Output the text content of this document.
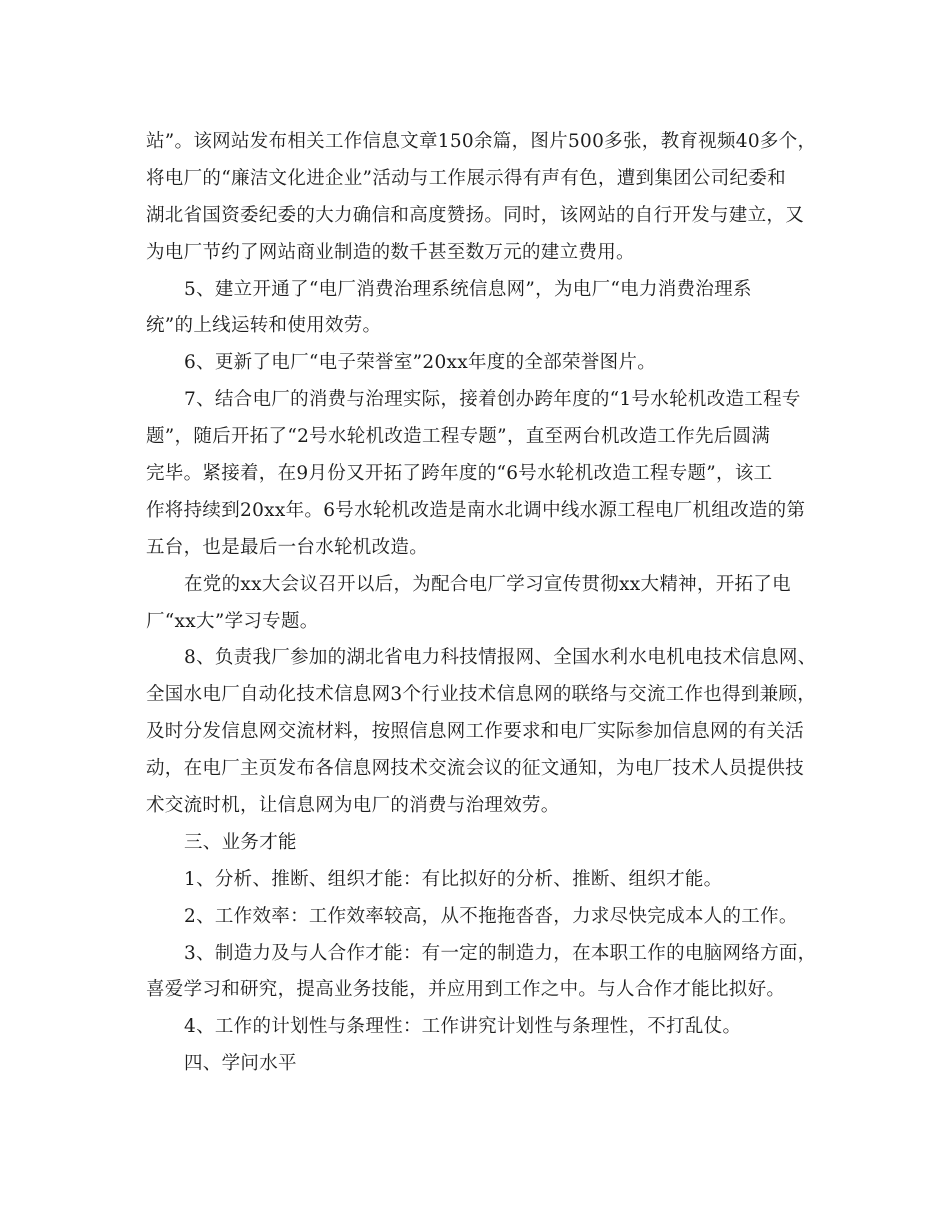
站”。该网站发布相关工作信息文章150余篇，图片500多张，教育视频40多个，
将电厂的“廉洁文化进企业”活动与工作展示得有声有色，遭到集团公司纪委和
湖北省国资委纪委的大力确信和高度赞扬。同时，该网站的自行开发与建立，又
为电厂节约了网站商业制造的数千甚至数万元的建立费用。
5、建立开通了“电厂消费治理系统信息网”，为电厂“电力消费治理系
统”的上线运转和使用效劳。
6、更新了电厂“电子荣誉室”20xx年度的全部荣誉图片。
7、结合电厂的消费与治理实际，接着创办跨年度的“1号水轮机改造工程专
题”，随后开拓了“2号水轮机改造工程专题”，直至两台机改造工作先后圆满
完毕。紧接着，在9月份又开拓了跨年度的“6号水轮机改造工程专题”，该工
作将持续到20xx年。6号水轮机改造是南水北调中线水源工程电厂机组改造的第
五台，也是最后一台水轮机改造。
在党的xx大会议召开以后，为配合电厂学习宣传贯彻xx大精神，开拓了电
厂“xx大”学习专题。
8、负责我厂参加的湖北省电力科技情报网、全国水利水电机电技术信息网、
全国水电厂自动化技术信息网3个行业技术信息网的联络与交流工作也得到兼顾，
及时分发信息网交流材料，按照信息网工作要求和电厂实际参加信息网的有关活
动，在电厂主页发布各信息网技术交流会议的征文通知，为电厂技术人员提供技
术交流时机，让信息网为电厂的消费与治理效劳。
三、业务才能
1、分析、推断、组织才能：有比拟好的分析、推断、组织才能。
2、工作效率：工作效率较高，从不拖拖沓沓，力求尽快完成本人的工作。
3、制造力及与人合作才能：有一定的制造力，在本职工作的电脑网络方面，
喜爱学习和研究，提高业务技能，并应用到工作之中。与人合作才能比拟好。
4、工作的计划性与条理性：工作讲究计划性与条理性，不打乱仗。
四、学问水平
